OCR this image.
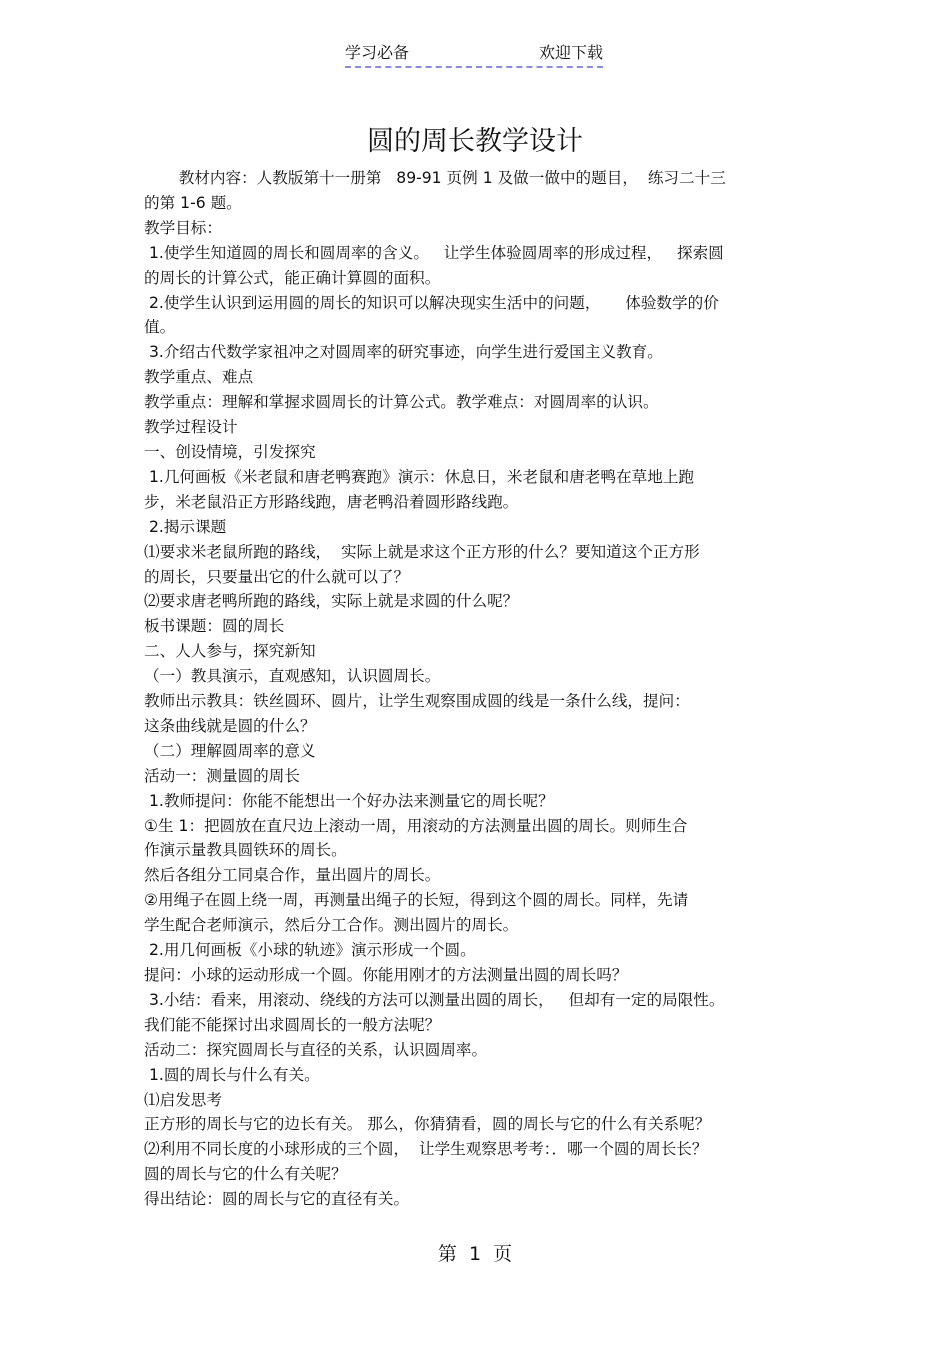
学习必备	欢迎下载
圆的周长教学设计

教材内容：人教版第十一册第   89-91 页例 1 及做一做中的题目，  练习二十三

的第 1-6 题。

教学目标：

1.使学生知道圆的周长和圆周率的含义。   让学生体验圆周率的形成过程，   探索圆

的周长的计算公式，能正确计算圆的面积。

2.使学生认识到运用圆的周长的知识可以解决现实生活中的问题，     体验数学的价

值。

3.介绍古代数学家祖冲之对圆周率的研究事迹，向学生进行爱国主义教育。

教学重点、难点

教学重点：理解和掌握求圆周长的计算公式。教学难点：对圆周率的认识。

教学过程设计

一、创设情境，引发探究

1.几何画板《米老鼠和唐老鸭赛跑》演示：休息日，米老鼠和唐老鸭在草地上跑

步，米老鼠沿正方形路线跑，唐老鸭沿着圆形路线跑。

2.揭示课题

⑴要求米老鼠所跑的路线，  实际上就是求这个正方形的什么？要知道这个正方形

的周长，只要量出它的什么就可以了？

⑵要求唐老鸭所跑的路线，实际上就是求圆的什么呢？

板书课题：圆的周长

二、人人参与，探究新知

（一）教具演示，直观感知，认识圆周长。

教师出示教具：铁丝圆环、圆片，让学生观察围成圆的线是一条什么线，提问：

这条曲线就是圆的什么？

（二）理解圆周率的意义

活动一：测量圆的周长

1.教师提问：你能不能想出一个好办法来测量它的周长呢？

①生 1：把圆放在直尺边上滚动一周，用滚动的方法测量出圆的周长。则师生合

作演示量教具圆铁环的周长。

然后各组分工同桌合作，量出圆片的周长。

②用绳子在圆上绕一周，再测量出绳子的长短，得到这个圆的周长。同样，先请

学生配合老师演示，然后分工合作。测出圆片的周长。

2.用几何画板《小球的轨迹》演示形成一个圆。

提问：小球的运动形成一个圆。你能用刚才的方法测量出圆的周长吗？

3.小结：看来，用滚动、绕线的方法可以测量出圆的周长，   但却有一定的局限性。

我们能不能探讨出求圆周长的一般方法呢？

活动二：探究圆周长与直径的关系，认识圆周率。

1.圆的周长与什么有关。

⑴启发思考

正方形的周长与它的边长有关。 那么，你猜猜看，圆的周长与它的什么有关系呢？

⑵利用不同长度的小球形成的三个圆，  让学生观察思考考：．哪一个圆的周长长？

圆的周长与它的什么有关呢？

得出结论：圆的周长与它的直径有关。

第  1  页
